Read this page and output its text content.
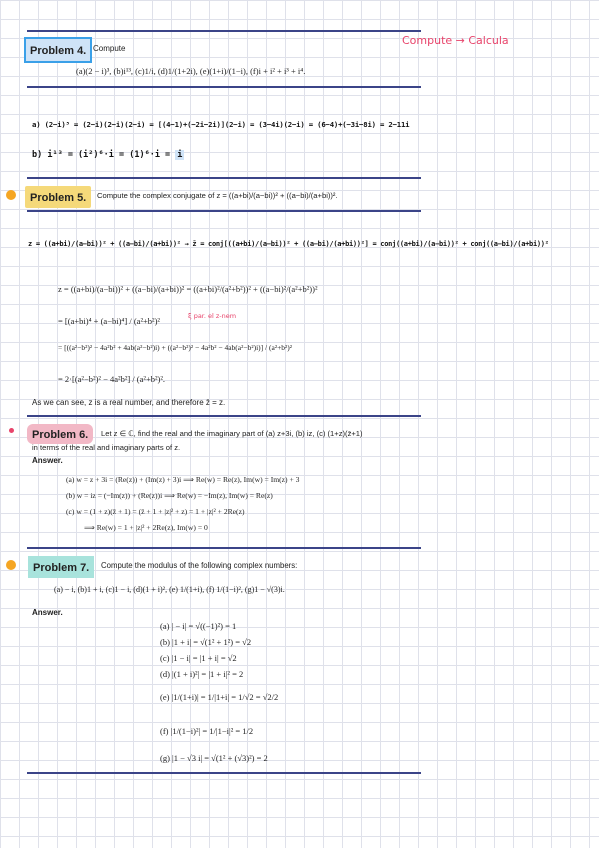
Compute → Calcula
Problem 4. Compute
(a)(2 − i)³, (b)i¹³, (c)1/i, (d)1/(1+2i), (e)(1+i)/(1−i), (f)i + i² + i³ + i⁴.
a) (2−i)³ = (2−i)(2−i)(2−i) = [(4−1)+(−2i−2i)](2−i) = (3−4i)(2−i) = (6−4)+(−3i−8i) = 2−11i
b) i¹³ = (i²)⁶·i = (1)⁶·i = i
Problem 5.	Compute the complex conjugate of z = ((a+bi)/(a−bi))² + ((a−bi)/(a+bi))².
z = ((a+bi)/(a−bi))² + ((a−bi)/(a+bi))² → z̄ = conj[((a+bi)/(a−bi))² + ((a−bi)/(a+bi))²] = conj((a+bi)/(a−bi))² + conj((a−bi)/(a+bi))²
z = ((a+bi)/(a−bi))² + ((a−bi)/(a+bi))² = ((a+bi)²/(a²+b²))² + ((a−bi)²/(a²+b²))²
= [(a+bi)⁴ + (a−bi)⁴] / (a²+b²)²	ξ par. el z-nem
= [((a²−b²)² − 4a²b² + 4ab(a²−b²)i) + ((a²−b²)² − 4a²b² − 4ab(a²−b²)i)] / (a²+b²)²
= 2·[(a²−b²)² − 4a²b²] / (a²+b²)².
As we can see, z is a real number, and therefore z̄ = z.
Problem 6.	Let z ∈ ℂ, find the real and the imaginary part of (a) z+3i, (b) iz, (c) (1+z)(z̄+1)
in terms of the real and imaginary parts of z.
Answer.
(a) w = z + 3i = (Re(z)) + (Im(z) + 3)i ⟹ Re(w) = Re(z), Im(w) = Im(z) + 3
(b) w = iz = (−Im(z)) + (Re(z))i ⟹ Re(w) = −Im(z), Im(w) = Re(z)
(c) w = (1 + z)(z̄ + 1) = (z̄ + 1 + |z|² + z) = 1 + |z|² + 2Re(z)
⟹ Re(w) = 1 + |z|² + 2Re(z), Im(w) = 0
Problem 7.	Compute the modulus of the following complex numbers:
(a) − i, (b)1 + i, (c)1 − i, (d)(1 + i)², (e) 1/(1+i), (f) 1/(1−i)², (g)1 − √(3)i.
Answer.
(a) | − i| = √((−1)²) = 1
(b) |1 + i| = √(1² + 1²) = √2
(c) |1 − i| = |1 + i| = √2
(d) |(1 + i)²| = |1 + i|² = 2
(e) |1/(1+i)| = 1/|1+i| = 1/√2 = √2/2
(f) |1/(1−i)²| = 1/|1−i|² = 1/2
(g) |1 − √3 i| = √(1² + (√3)²) = 2
